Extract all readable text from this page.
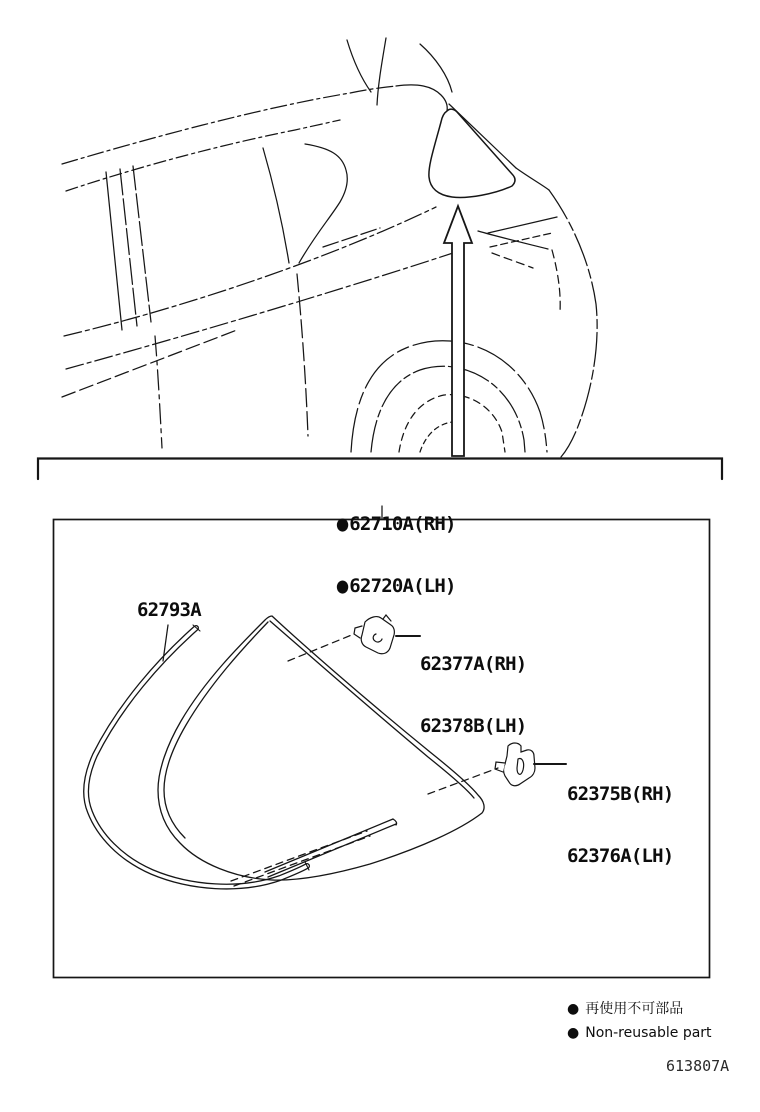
● 62710A(RH)

● 62720A(LH)

62793A

62377A(RH)

62378B(LH)

62375B(RH)

62376A(LH)

● 再使用不可部品
● Non-reusable part
613807A
